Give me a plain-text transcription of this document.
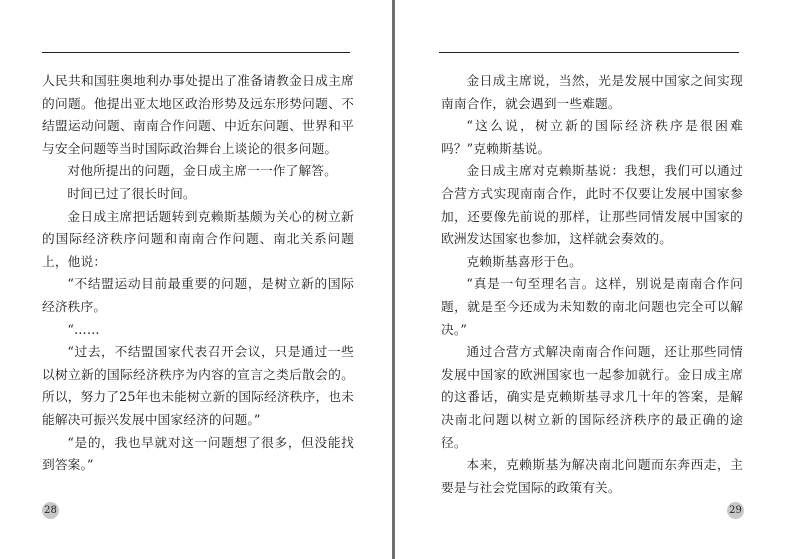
人民共和国驻奥地利办事处提出了准备请教金日成主席的问题。他提出亚太地区政治形势及远东形势问题、不结盟运动问题、南南合作问题、中近东问题、世界和平与安全问题等当时国际政治舞台上谈论的很多问题。

对他所提出的问题，金日成主席一一作了解答。

时间已过了很长时间。

金日成主席把话题转到克赖斯基颇为关心的树立新的国际经济秩序问题和南南合作问题、南北关系问题上，他说：

“不结盟运动目前最重要的问题，是树立新的国际经济秩序。

“……

“过去，不结盟国家代表召开会议，只是通过一些以树立新的国际经济秩序为内容的宣言之类后散会的。所以，努力了25年也未能树立新的国际经济秩序，也未能解决可振兴发展中国家经济的问题。”

“是的，我也早就对这一问题想了很多，但没能找到答案。”

28

金日成主席说，当然，光是发展中国家之间实现南南合作，就会遇到一些难题。

“这么说，树立新的国际经济秩序是很困难吗？”克赖斯基说。

金日成主席对克赖斯基说：我想，我们可以通过合营方式实现南南合作，此时不仅要让发展中国家参加，还要像先前说的那样，让那些同情发展中国家的欧洲发达国家也参加，这样就会奏效的。

克赖斯基喜形于色。

“真是一句至理名言。这样，别说是南南合作问题，就是至今还成为未知数的南北问题也完全可以解决。”

通过合营方式解决南南合作问题，还让那些同情发展中国家的欧洲国家也一起参加就行。金日成主席的这番话，确实是克赖斯基寻求几十年的答案，是解决南北问题以树立新的国际经济秩序的最正确的途径。

本来，克赖斯基为解决南北问题而东奔西走，主要是与社会党国际的政策有关。

29
